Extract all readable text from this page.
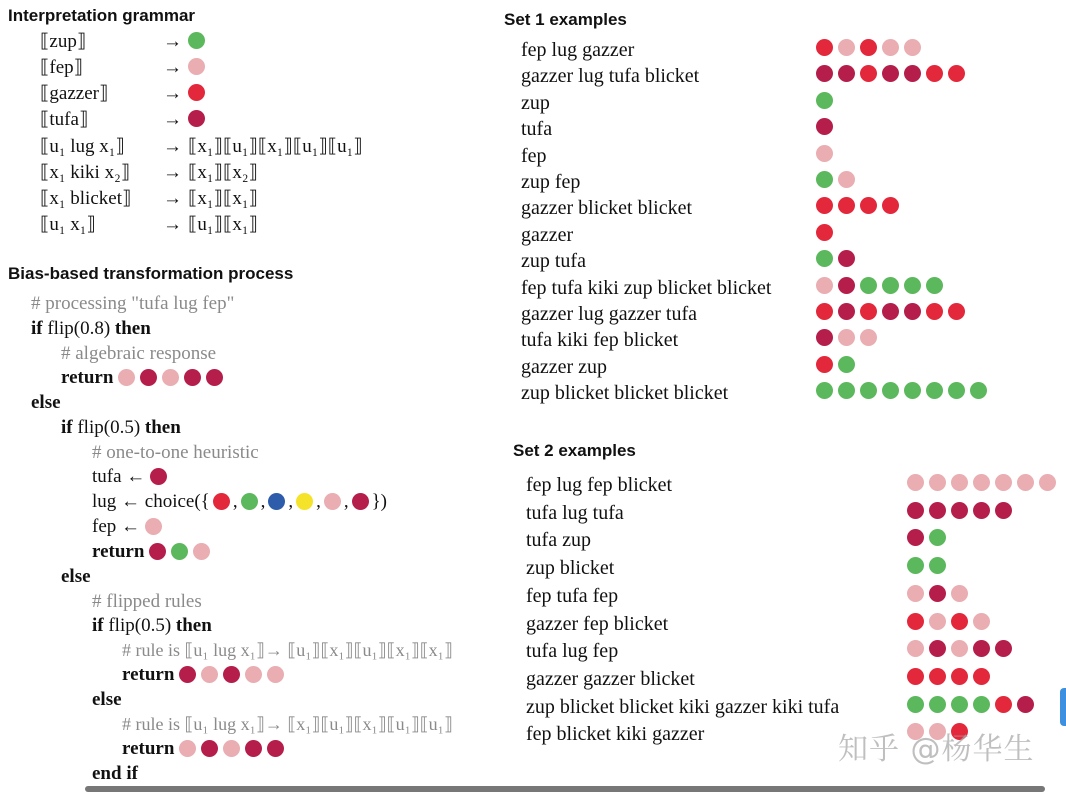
Interpretation grammar
⟦zup⟧	→
⟦fep⟧	→
⟦gazzer⟧	→
⟦tufa⟧	→
⟦u₁ lug x₁⟧ → ⟦x₁⟧⟦u₁⟧⟦x₁⟧⟦u₁⟧⟦u₁⟧
⟦x₁ kiki x₂⟧ → ⟦x₁⟧⟦x₂⟧
⟦x₁ blicket⟧ → ⟦x₁⟧⟦x₁⟧
⟦u₁ x₁⟧	→ ⟦u₁⟧⟦x₁⟧
Bias-based transformation process
# processing "tufa lug fep"
if flip(0.8) then
# algebraic response
return
else
if flip(0.5) then
# one-to-one heuristic
tufa ←
lug ← choice({ , , , , , })
fep ←
return
else
# flipped rules
if flip(0.5) then
# rule is ⟦u₁ lug x₁⟧→ ⟦u₁⟧⟦x₁⟧⟦u₁⟧⟦x₁⟧⟦x₁⟧
return
else
# rule is ⟦u₁ lug x₁⟧→ ⟦x₁⟧⟦u₁⟧⟦x₁⟧⟦u₁⟧⟦u₁⟧
return
end if
Set 1 examples
fep lug gazzer
gazzer lug tufa blicket
zup
tufa
fep
zup fep
gazzer blicket blicket
gazzer
zup tufa
fep tufa kiki zup blicket blicket
gazzer lug gazzer tufa
tufa kiki fep blicket
gazzer zup
zup blicket blicket blicket
Set 2 examples
fep lug fep blicket
tufa lug tufa
tufa zup
zup blicket
fep tufa fep
gazzer fep blicket
tufa lug fep
gazzer gazzer blicket
zup blicket blicket kiki gazzer kiki tufa
fep blicket kiki gazzer	知乎 @杨华生
